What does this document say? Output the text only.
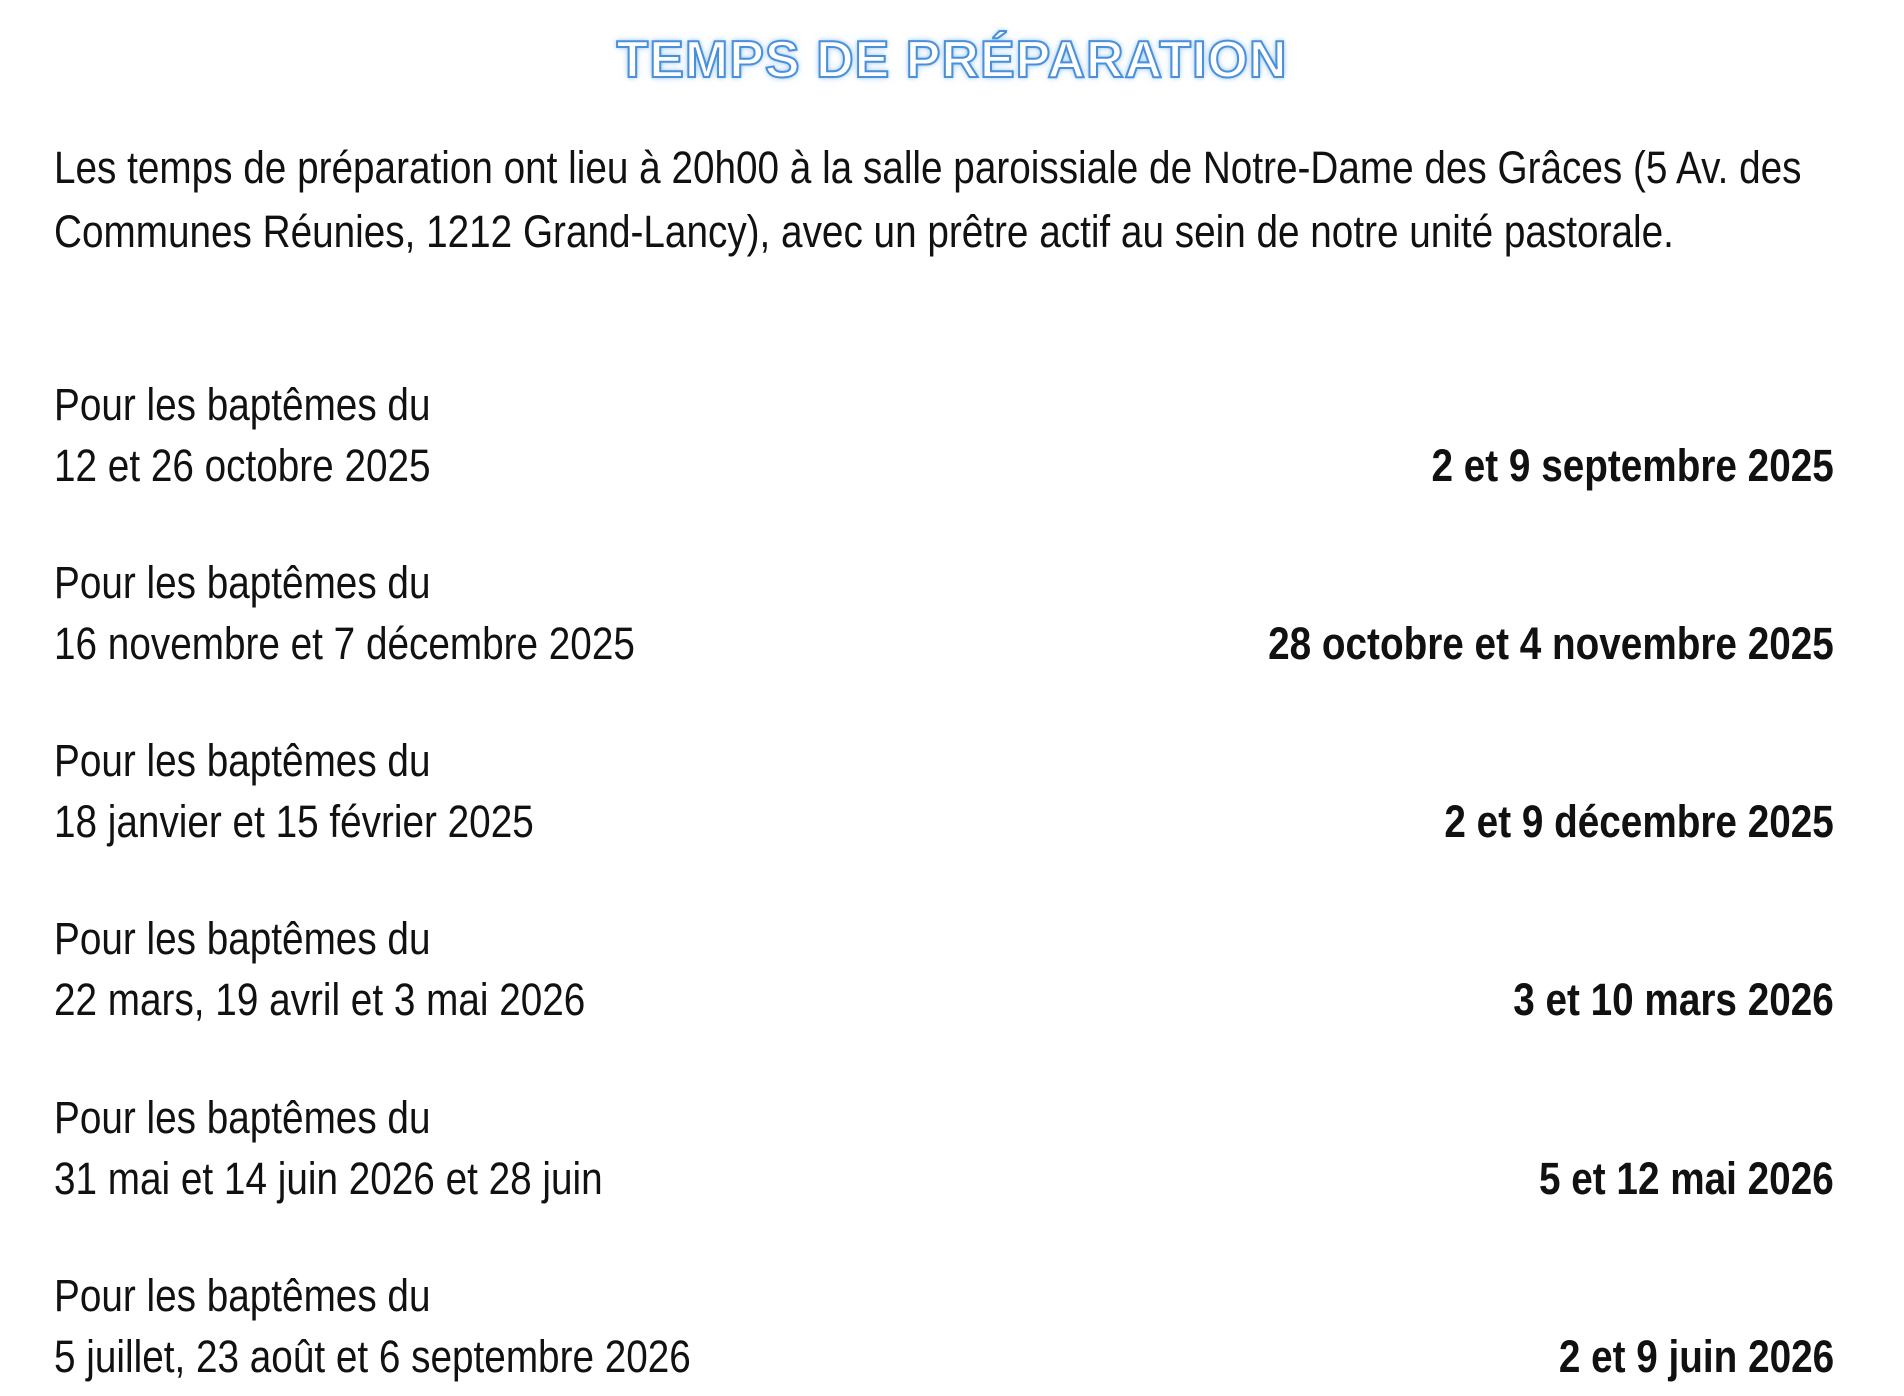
TEMPS DE PRÉPARATION
Les temps de préparation ont lieu à 20h00 à la salle paroissiale de Notre-Dame des Grâces (5 Av. des Communes Réunies, 1212 Grand-Lancy), avec un prêtre actif au sein de notre unité pastorale.
Pour les baptêmes du
12 et 26 octobre 2025	2 et 9 septembre 2025
Pour les baptêmes du
16 novembre et 7 décembre 2025	28 octobre et 4 novembre 2025
Pour les baptêmes du
18 janvier et 15 février 2025	2 et 9 décembre 2025
Pour les baptêmes du
22 mars, 19 avril et 3 mai 2026	3 et 10 mars 2026
Pour les baptêmes du
31 mai et 14 juin 2026 et 28 juin	5 et 12 mai 2026
Pour les baptêmes du
5 juillet, 23 août et 6 septembre 2026	2 et 9 juin 2026
